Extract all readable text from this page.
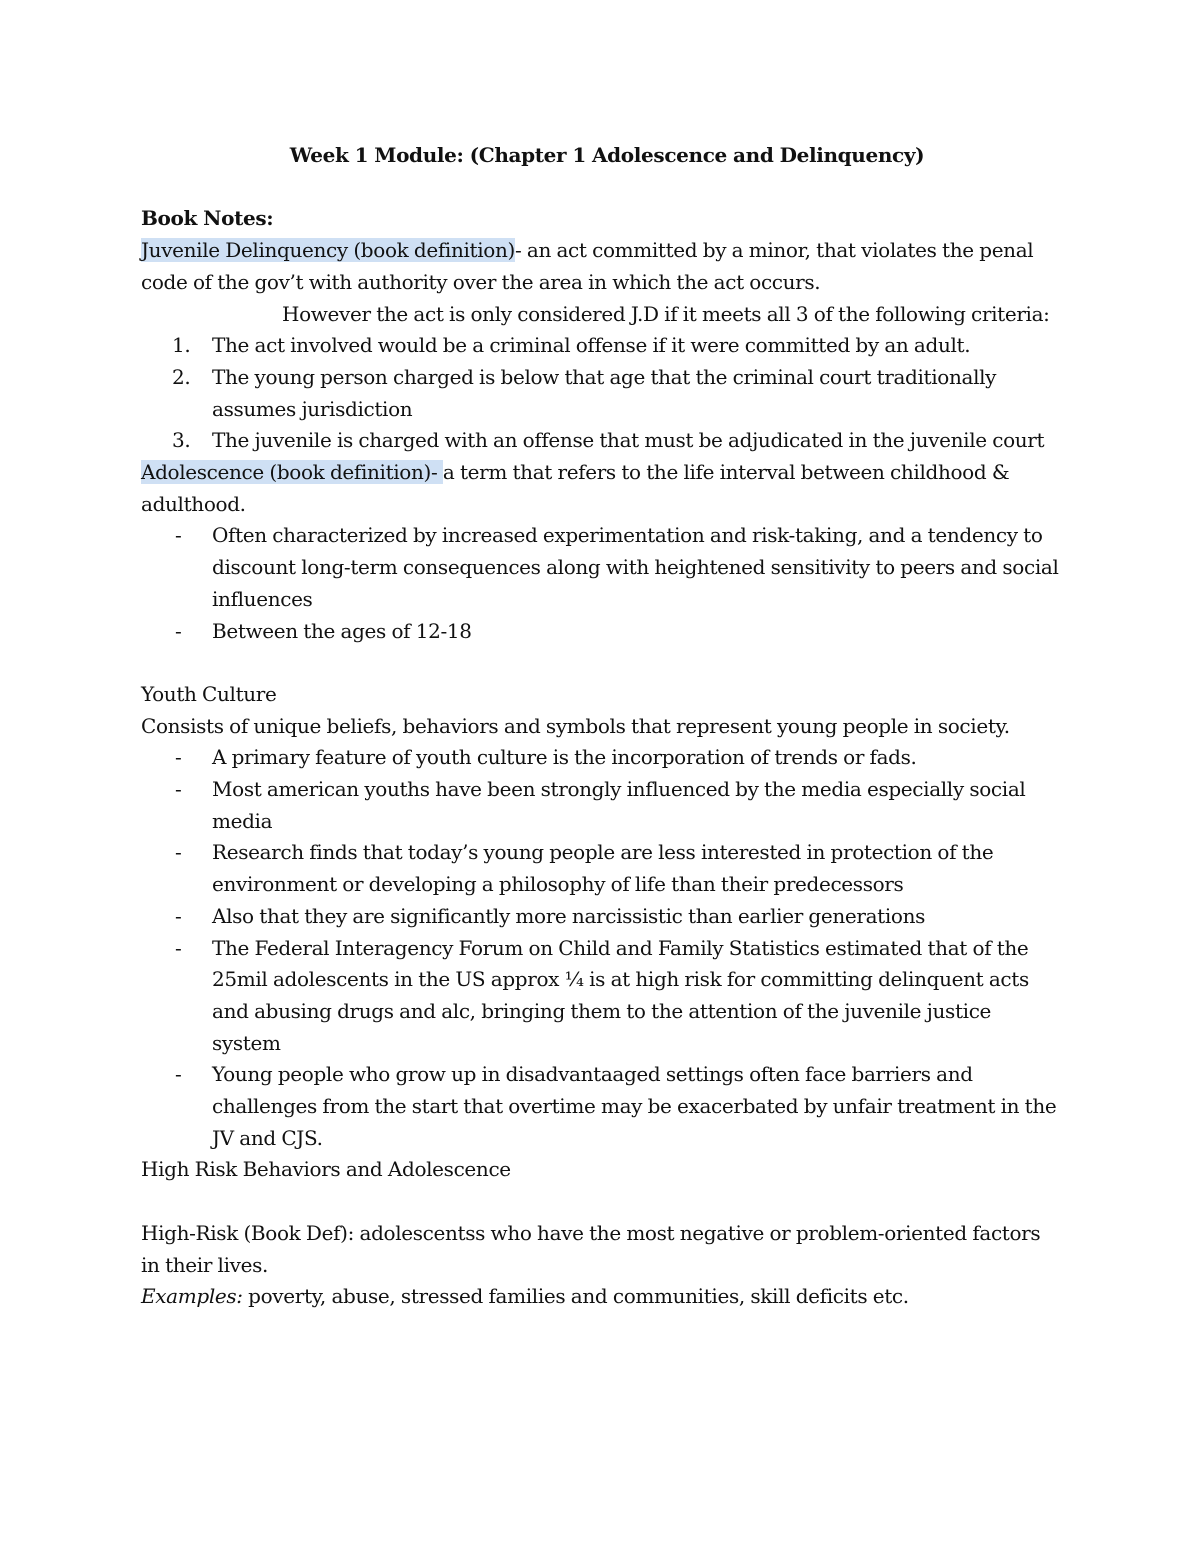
Week 1 Module: (Chapter 1 Adolescence and Delinquency)

Book Notes:

Juvenile Delinquency (book definition)- an act committed by a minor, that violates the penal code of the gov’t with authority over the area in which the act occurs.

However the act is only considered J.D if it meets all 3 of the following criteria:

1.	The act involved would be a criminal offense if it were committed by an adult.
2.	The young person charged is below that age that the criminal court traditionally assumes jurisdiction
3.	The juvenile is charged with an offense that must be adjudicated in the juvenile court

Adolescence (book definition)- a term that refers to the life interval between childhood & adulthood.

-	Often characterized by increased experimentation and risk-taking, and a tendency to discount long-term consequences along with heightened sensitivity to peers and social influences
-	Between the ages of 12-18

Youth Culture

Consists of unique beliefs, behaviors and symbols that represent young people in society.

-	A primary feature of youth culture is the incorporation of trends or fads.
-	Most american youths have been strongly influenced by the media especially social media
-	Research finds that today’s young people are less interested in protection of the environment or developing a philosophy of life than their predecessors
-	Also that they are significantly more narcissistic than earlier generations
-	The Federal Interagency Forum on Child and Family Statistics estimated that of the 25mil adolescents in the US approx ¼ is at high risk for committing delinquent acts and abusing drugs and alc, bringing them to the attention of the juvenile justice system
-	Young people who grow up in disadvantaaged settings often face barriers and challenges from the start that overtime may be exacerbated by unfair treatment in the JV and CJS.

High Risk Behaviors and Adolescence

High-Risk (Book Def): adolescentss who have the most negative or problem-oriented factors in their lives.

Examples: poverty, abuse, stressed families and communities, skill deficits etc.
